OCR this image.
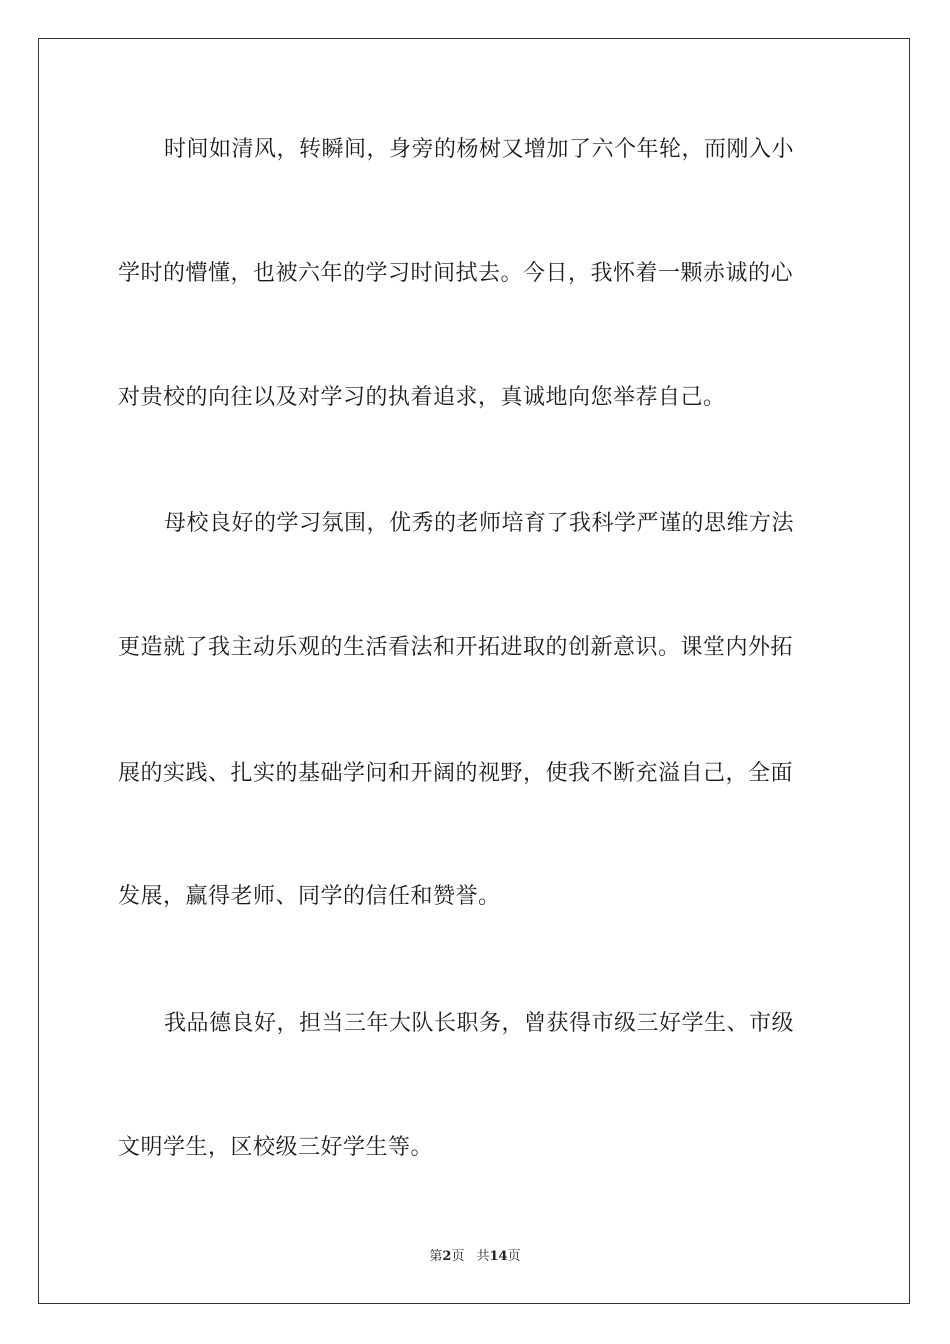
时间如清风，转瞬间，身旁的杨树又增加了六个年轮，而刚入小
学时的懵懂，也被六年的学习时间拭去。今日，我怀着一颗赤诚的心
对贵校的向往以及对学习的执着追求，真诚地向您举荐自己。
母校良好的学习氛围，优秀的老师培育了我科学严谨的思维方法
更造就了我主动乐观的生活看法和开拓进取的创新意识。课堂内外拓
展的实践、扎实的基础学问和开阔的视野，使我不断充溢自己，全面
发展，赢得老师、同学的信任和赞誉。
我品德良好，担当三年大队长职务，曾获得市级三好学生、市级
文明学生，区校级三好学生等。
第2页 共14页
